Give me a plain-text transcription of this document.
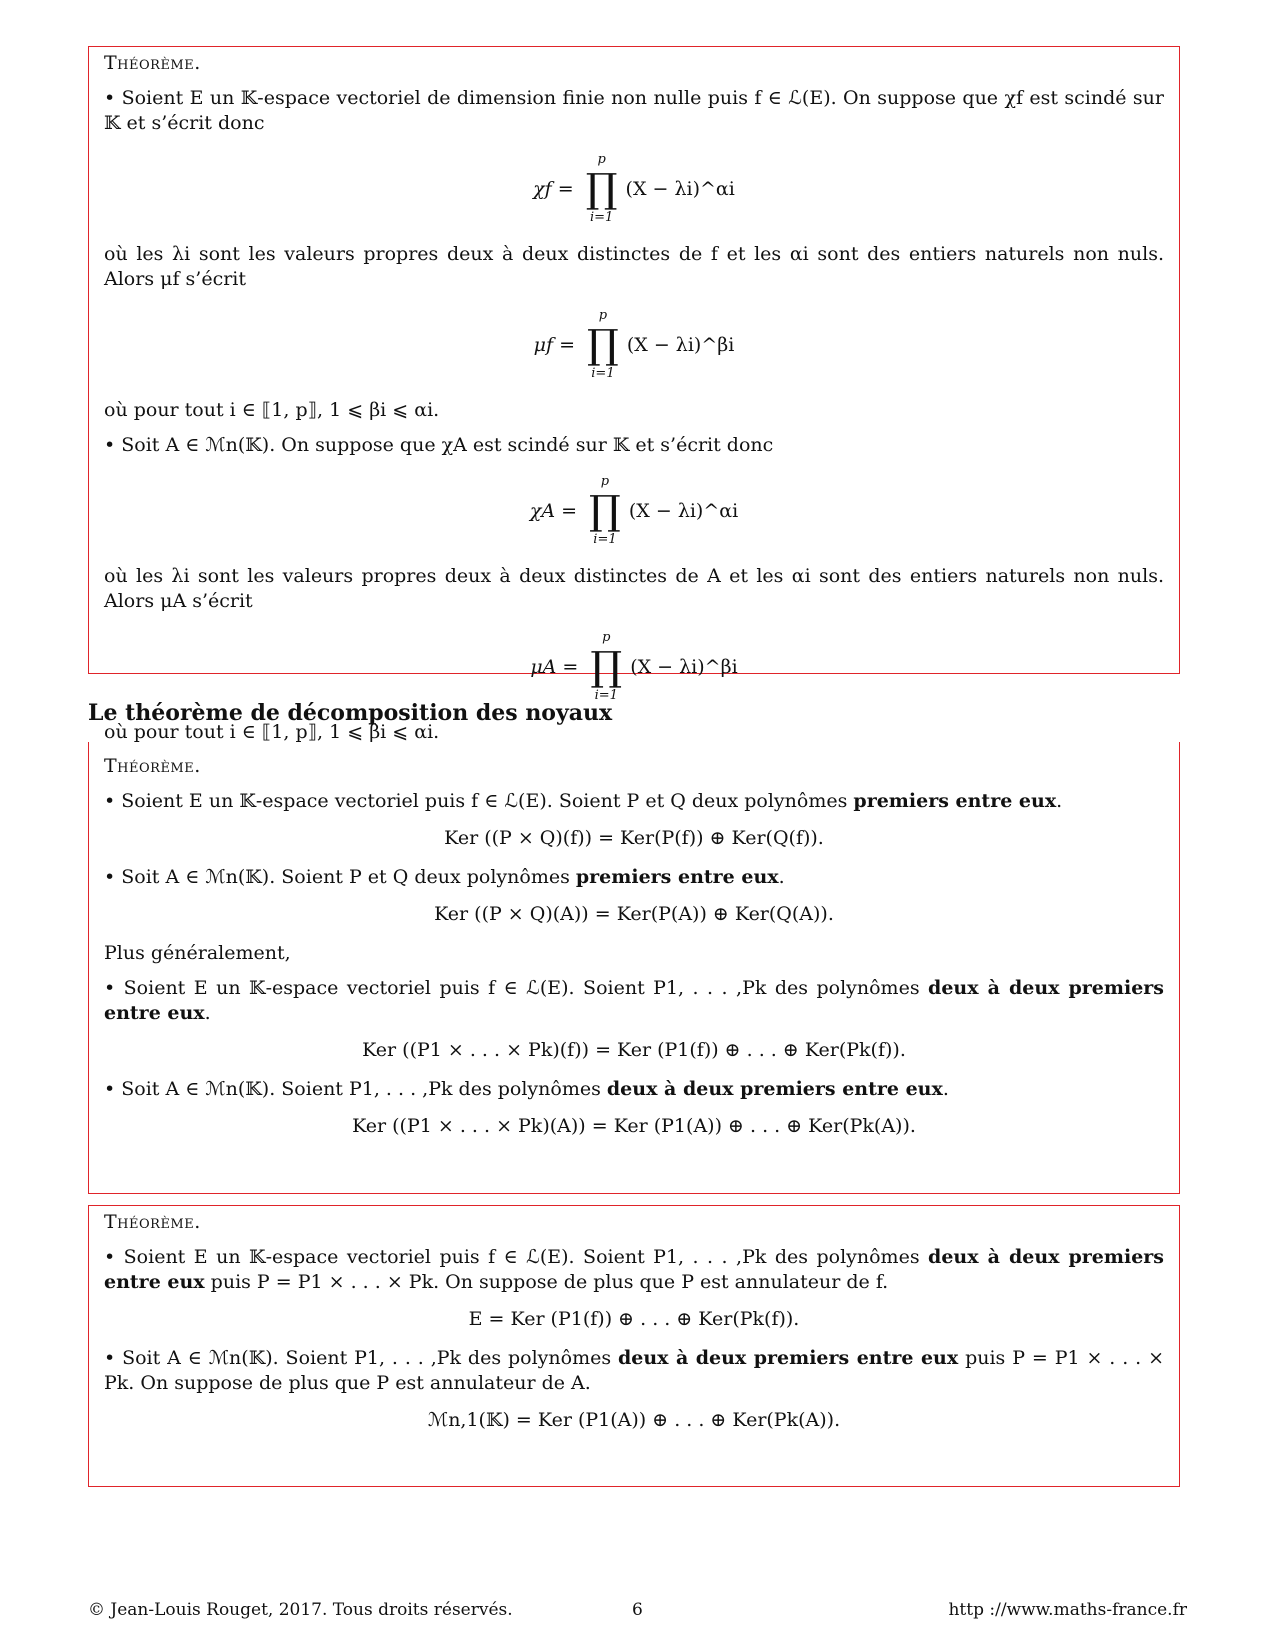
Théorème.
• Soient E un 𝕂-espace vectoriel de dimension finie non nulle puis f ∈ ℒ(E). On suppose que χf est scindé sur 𝕂 et s’écrit donc
χf =
p
∏
i=1
(X − λi)^αi
où les λi sont les valeurs propres deux à deux distinctes de f et les αi sont des entiers naturels non nuls. Alors μf s’écrit
μf =
p
∏
i=1
(X − λi)^βi
où pour tout i ∈ ⟦1, p⟧, 1 ⩽ βi ⩽ αi.
• Soit A ∈ ℳn(𝕂). On suppose que χA est scindé sur 𝕂 et s’écrit donc
χA =
p
∏
i=1
(X − λi)^αi
où les λi sont les valeurs propres deux à deux distinctes de A et les αi sont des entiers naturels non nuls. Alors μA s’écrit
μA =
p
∏
i=1
(X − λi)^βi
où pour tout i ∈ ⟦1, p⟧, 1 ⩽ βi ⩽ αi.
Le théorème de décomposition des noyaux
Théorème.
• Soient E un 𝕂-espace vectoriel puis f ∈ ℒ(E). Soient P et Q deux polynômes premiers entre eux.
Ker ((P × Q)(f)) = Ker(P(f)) ⊕ Ker(Q(f)).
• Soit A ∈ ℳn(𝕂). Soient P et Q deux polynômes premiers entre eux.
Ker ((P × Q)(A)) = Ker(P(A)) ⊕ Ker(Q(A)).
Plus généralement,
• Soient E un 𝕂-espace vectoriel puis f ∈ ℒ(E). Soient P1, . . . ,Pk des polynômes deux à deux premiers entre eux.
Ker ((P1 × . . . × Pk)(f)) = Ker (P1(f)) ⊕ . . . ⊕ Ker(Pk(f)).
• Soit A ∈ ℳn(𝕂). Soient P1, . . . ,Pk des polynômes deux à deux premiers entre eux.
Ker ((P1 × . . . × Pk)(A)) = Ker (P1(A)) ⊕ . . . ⊕ Ker(Pk(A)).
Théorème.
• Soient E un 𝕂-espace vectoriel puis f ∈ ℒ(E). Soient P1, . . . ,Pk des polynômes deux à deux premiers entre eux puis P = P1 × . . . × Pk. On suppose de plus que P est annulateur de f.
E = Ker (P1(f)) ⊕ . . . ⊕ Ker(Pk(f)).
• Soit A ∈ ℳn(𝕂). Soient P1, . . . ,Pk des polynômes deux à deux premiers entre eux puis P = P1 × . . . × Pk. On suppose de plus que P est annulateur de A.
ℳn,1(𝕂) = Ker (P1(A)) ⊕ . . . ⊕ Ker(Pk(A)).
© Jean-Louis Rouget, 2017. Tous droits réservés.	6	http ://www.maths-france.fr
